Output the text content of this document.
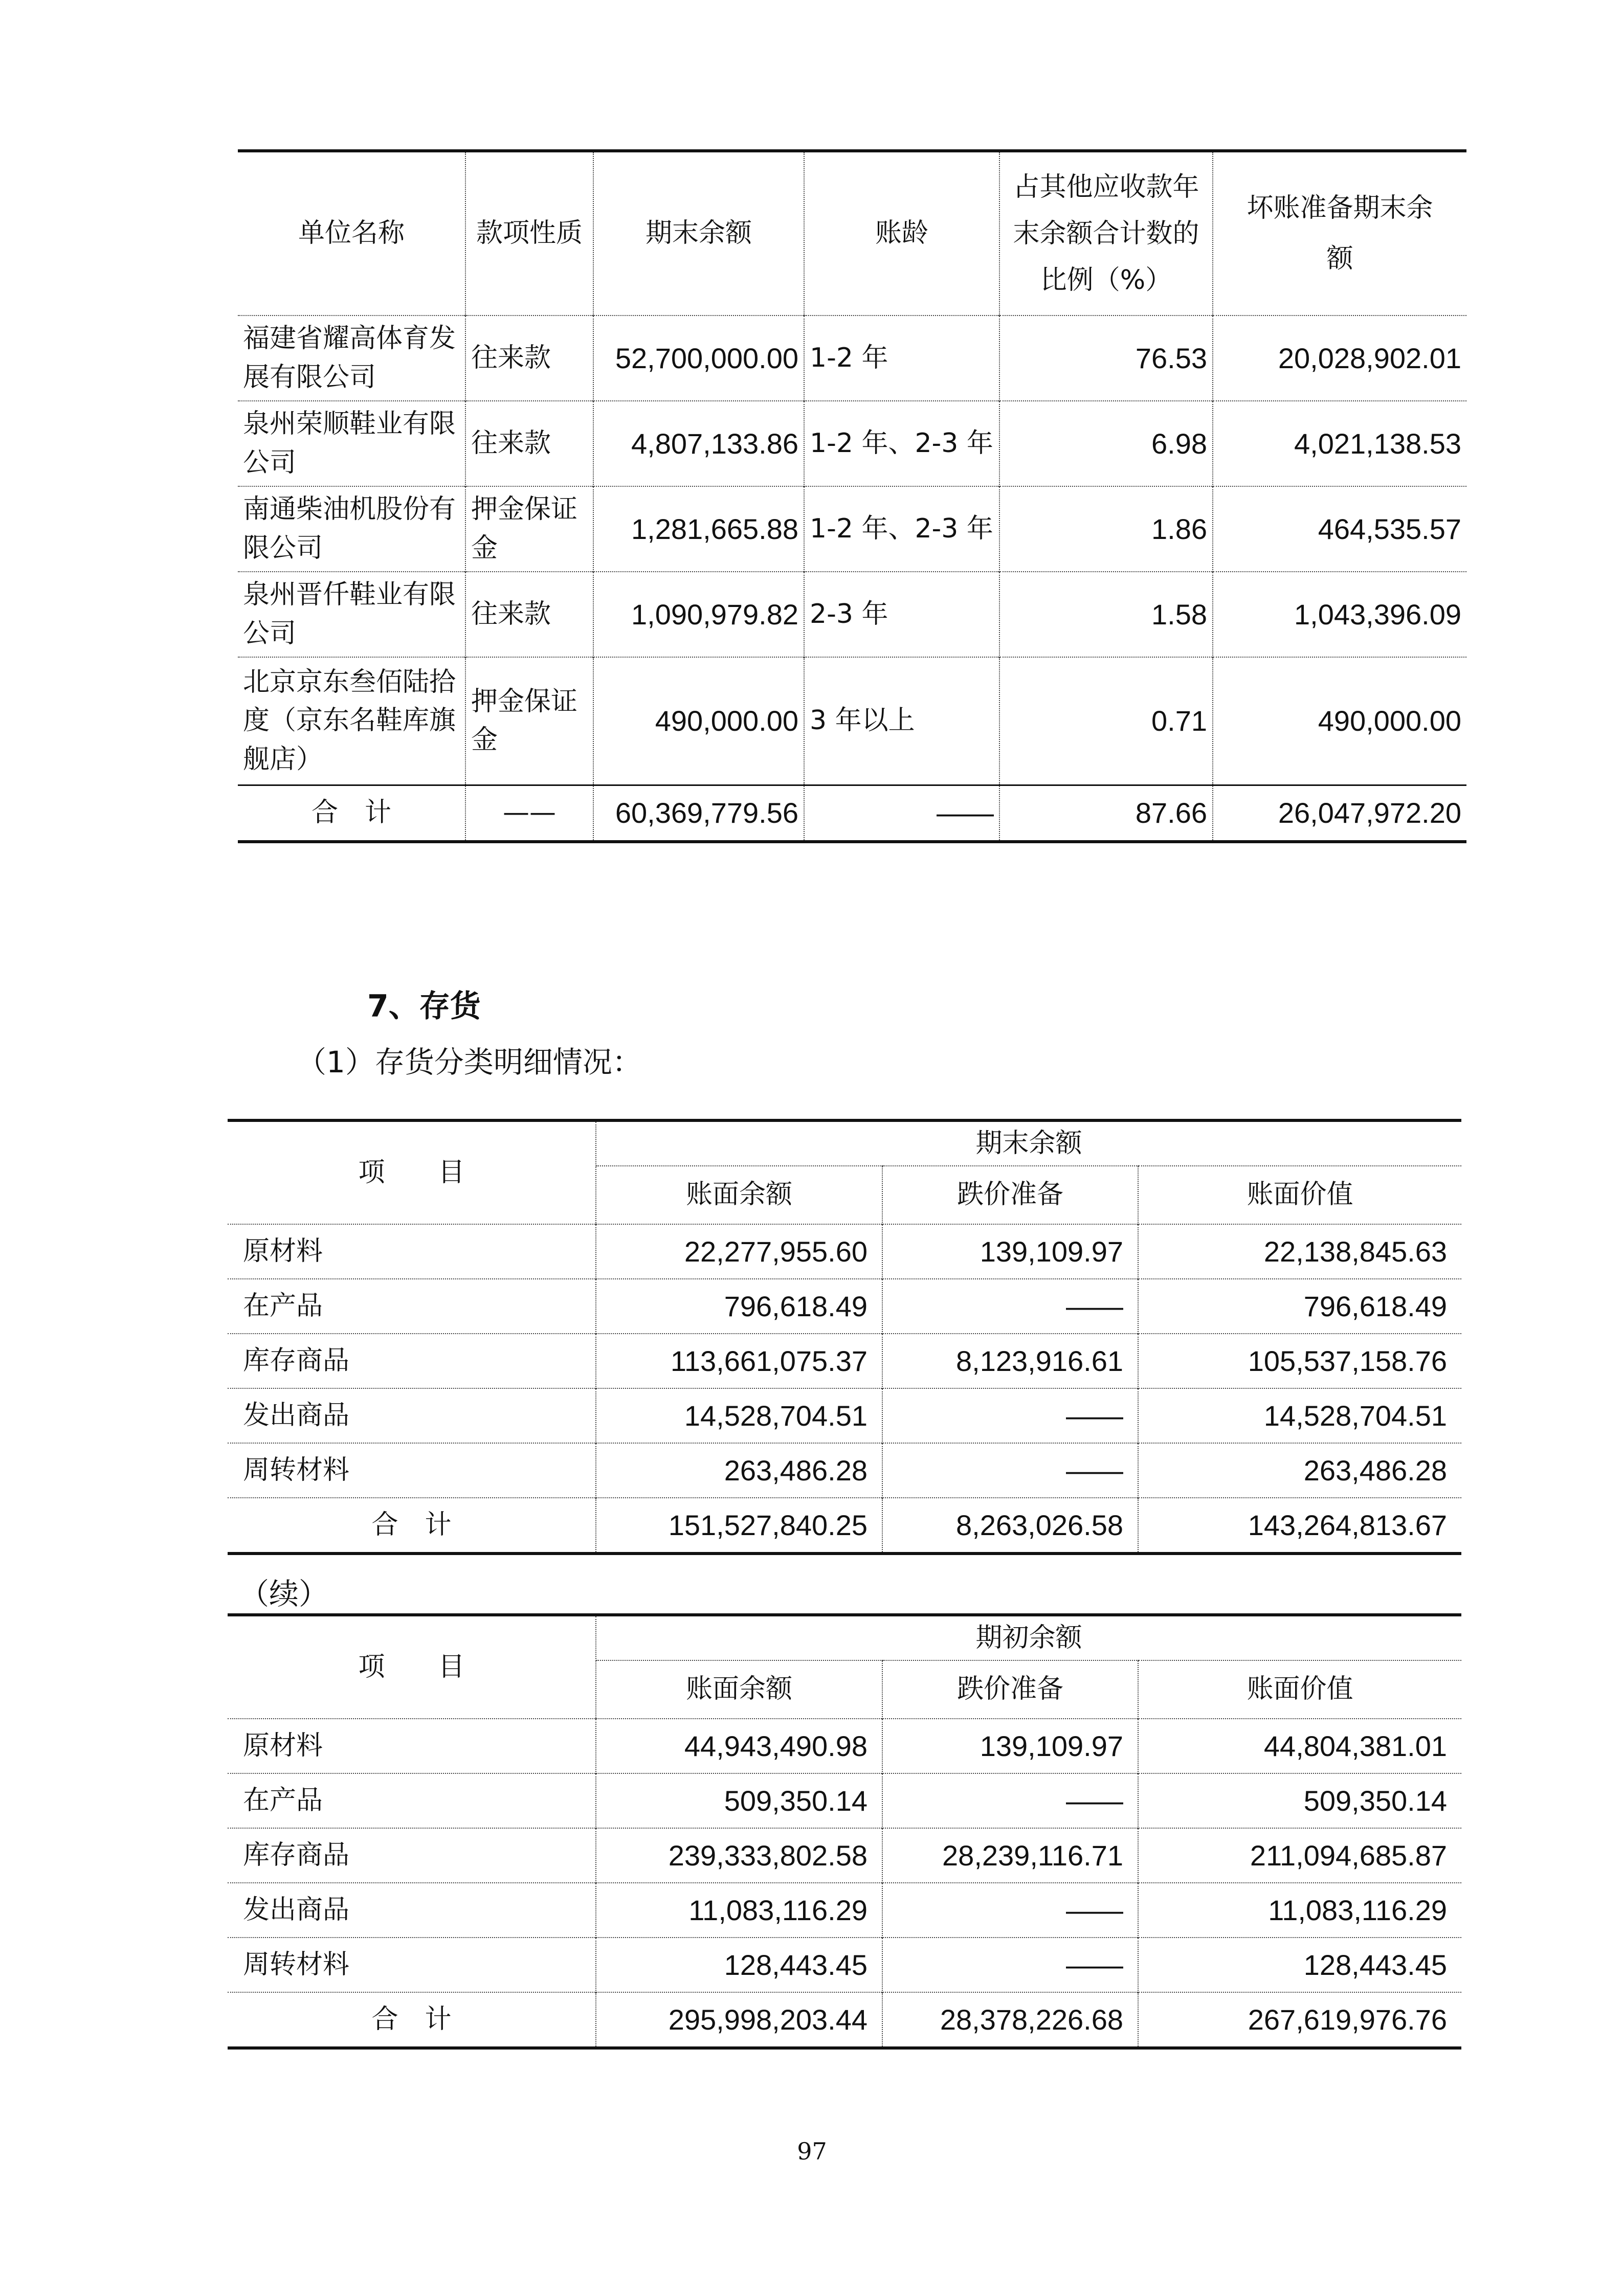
单位名称	款项性质	期末余额	账龄	占其他应收款年末余额合计数的比例（%）	坏账准备期末余额
福建省耀高体育发展有限公司	往来款	52,700,000.00	1-2 年	76.53	20,028,902.01
泉州荣顺鞋业有限公司	往来款	4,807,133.86	1-2 年、2-3 年	6.98	4,021,138.53
南通柴油机股份有限公司	押金保证金	1,281,665.88	1-2 年、2-3 年	1.86	464,535.57
泉州晋仟鞋业有限公司	往来款	1,090,979.82	2-3 年	1.58	1,043,396.09
北京京东叁佰陆拾度（京东名鞋库旗舰店）	押金保证金	490,000.00	3 年以上	0.71	490,000.00
合　计	——	60,369,779.56	——	87.66	26,047,972.20
7、存货
（1）存货分类明细情况：
项　　目	期末余额		
	账面余额	跌价准备	账面价值
原材料	22,277,955.60	139,109.97	22,138,845.63
在产品	796,618.49	——	796,618.49
库存商品	113,661,075.37	8,123,916.61	105,537,158.76
发出商品	14,528,704.51	——	14,528,704.51
周转材料	263,486.28	——	263,486.28
合　计	151,527,840.25	8,263,026.58	143,264,813.67
（续）
项　　目	期初余额		
	账面余额	跌价准备	账面价值
原材料	44,943,490.98	139,109.97	44,804,381.01
在产品	509,350.14	——	509,350.14
库存商品	239,333,802.58	28,239,116.71	211,094,685.87
发出商品	11,083,116.29	——	11,083,116.29
周转材料	128,443.45	——	128,443.45
合　计	295,998,203.44	28,378,226.68	267,619,976.76
97
